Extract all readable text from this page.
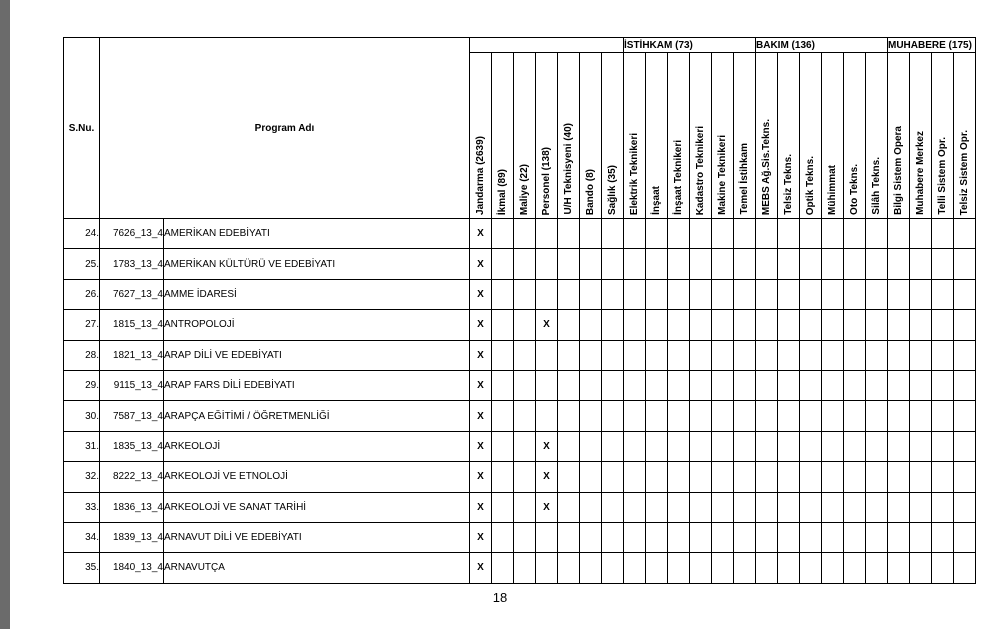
S.Nu.	Program Adı									İSTİHKAM (73)						BAKIM (136)						MUHABERE (175)			

			Jandarma (2639)	İkmal (89)	Maliye (22)	Personel (138)	U/H Teknisyeni (40)	Bando (8)	Sağlık (35)	Elektrik Teknikeri	İnşaat	İnşaat Teknikeri	Kadastro Teknikeri	Makine Teknikeri	Temel İstihkam	MEBS Ağ.Sis.Tekns.	Telsiz Tekns.	Optik Tekns.	Mühimmat	Oto Tekns.	Silâh Tekns.	Bilgi Sistem Opera	Muhabere Merkez	Telli Sistem Opr.	Telsiz Sistem Opr.

24.	7626_13_4	AMERİKAN EDEBİYATI	X																						
25.	1783_13_4	AMERİKAN KÜLTÜRÜ VE EDEBİYATI	X																						
26.	7627_13_4	AMME İDARESİ	X																						
27.	1815_13_4	ANTROPOLOJİ	X			X																			
28.	1821_13_4	ARAP DİLİ VE EDEBİYATI	X																						
29.	9115_13_4	ARAP FARS DİLİ EDEBİYATI	X																						
30.	7587_13_4	ARAPÇA EĞİTİMİ / ÖĞRETMENLİĞİ	X																						
31.	1835_13_4	ARKEOLOJİ	X			X																			
32.	8222_13_4	ARKEOLOJİ VE ETNOLOJİ	X			X																			
33.	1836_13_4	ARKEOLOJİ VE SANAT TARİHİ	X			X																			
34.	1839_13_4	ARNAVUT DİLİ VE EDEBİYATI	X																						
35.	1840_13_4	ARNAVUTÇA	X																						
18
